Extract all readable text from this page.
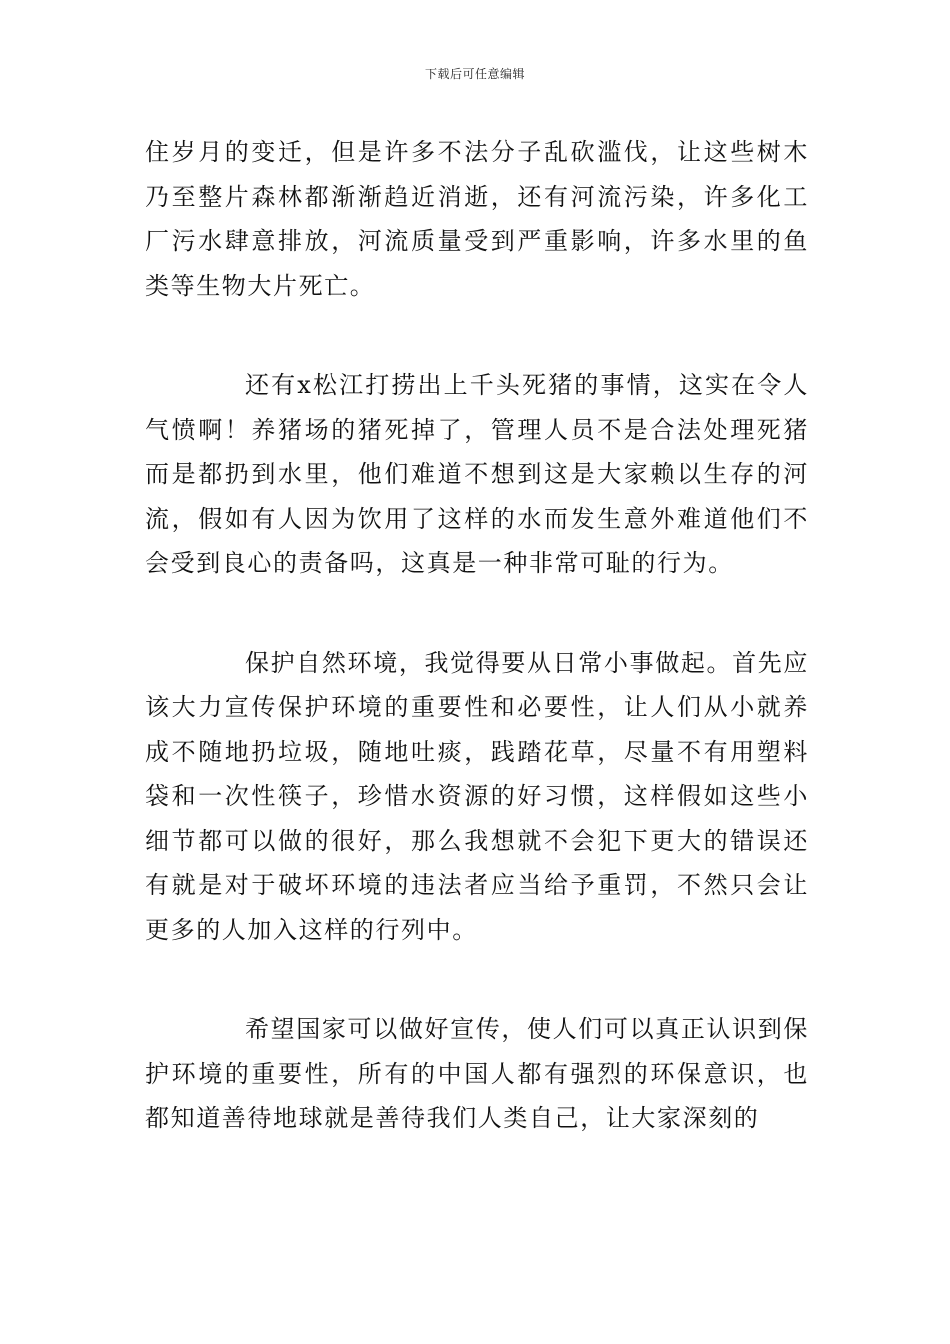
下载后可任意编辑

住岁月的变迁，但是许多不法分子乱砍滥伐，让这些树木乃至整片森林都渐渐趋近消逝，还有河流污染，许多化工厂污水肆意排放，河流质量受到严重影响，许多水里的鱼类等生物大片死亡。

还有x松江打捞出上千头死猪的事情，这实在令人气愤啊！养猪场的猪死掉了，管理人员不是合法处理死猪而是都扔到水里，他们难道不想到这是大家赖以生存的河流，假如有人因为饮用了这样的水而发生意外难道他们不会受到良心的责备吗，这真是一种非常可耻的行为。

保护自然环境，我觉得要从日常小事做起。首先应该大力宣传保护环境的重要性和必要性，让人们从小就养成不随地扔垃圾，随地吐痰，践踏花草，尽量不有用塑料袋和一次性筷子，珍惜水资源的好习惯，这样假如这些小细节都可以做的很好，那么我想就不会犯下更大的错误还有就是对于破坏环境的违法者应当给予重罚，不然只会让更多的人加入这样的行列中。

希望国家可以做好宣传，使人们可以真正认识到保护环境的重要性，所有的中国人都有强烈的环保意识，也都知道善待地球就是善待我们人类自己，让大家深刻的
